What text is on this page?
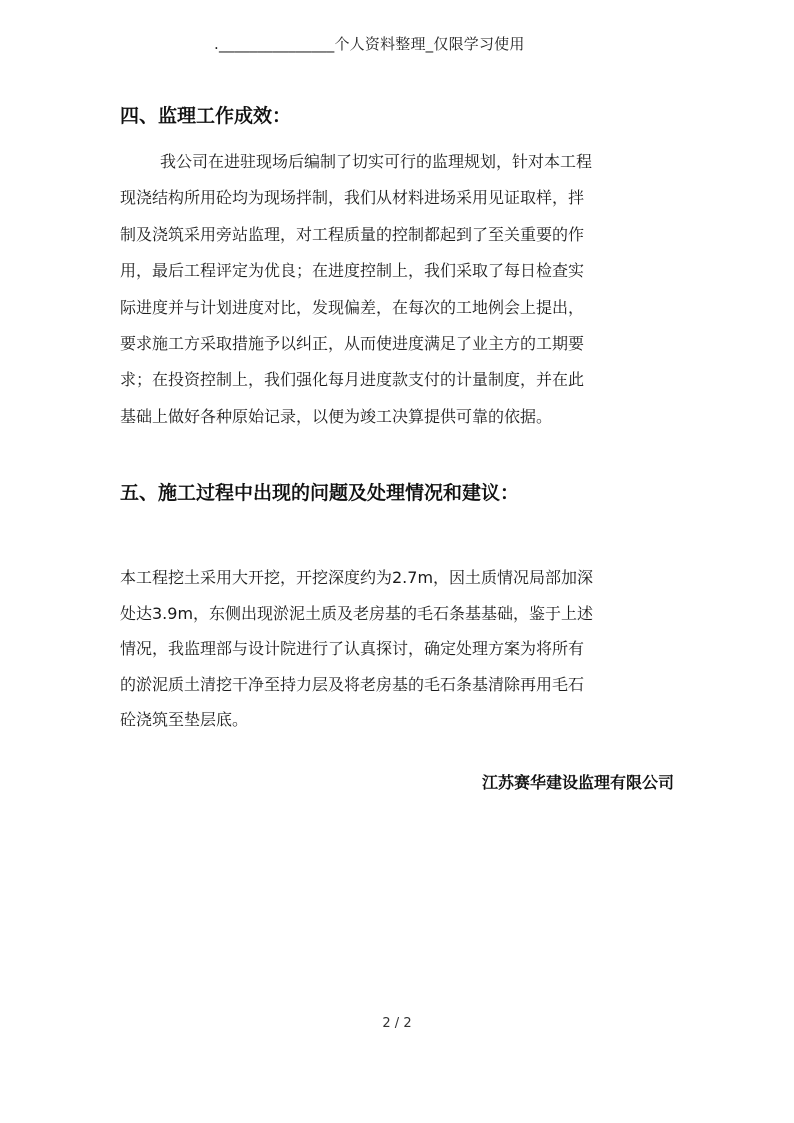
._______________个人资料整理_仅限学习使用
四、监理工作成效：
我公司在进驻现场后编制了切实可行的监理规划，针对本工程
现浇结构所用砼均为现场拌制，我们从材料进场采用见证取样，拌
制及浇筑采用旁站监理，对工程质量的控制都起到了至关重要的作
用，最后工程评定为优良；在进度控制上，我们采取了每日检查实
际进度并与计划进度对比，发现偏差，在每次的工地例会上提出，
要求施工方采取措施予以纠正，从而使进度满足了业主方的工期要
求；在投资控制上，我们强化每月进度款支付的计量制度，并在此
基础上做好各种原始记录，以便为竣工决算提供可靠的依据。
五、施工过程中出现的问题及处理情况和建议：
本工程挖土采用大开挖，开挖深度约为2.7m，因土质情况局部加深
处达3.9m，东侧出现淤泥土质及老房基的毛石条基基础，鉴于上述
情况，我监理部与设计院进行了认真探讨，确定处理方案为将所有
的淤泥质土清挖干净至持力层及将老房基的毛石条基清除再用毛石
砼浇筑至垫层底。
江苏赛华建设监理有限公司
2 / 2
